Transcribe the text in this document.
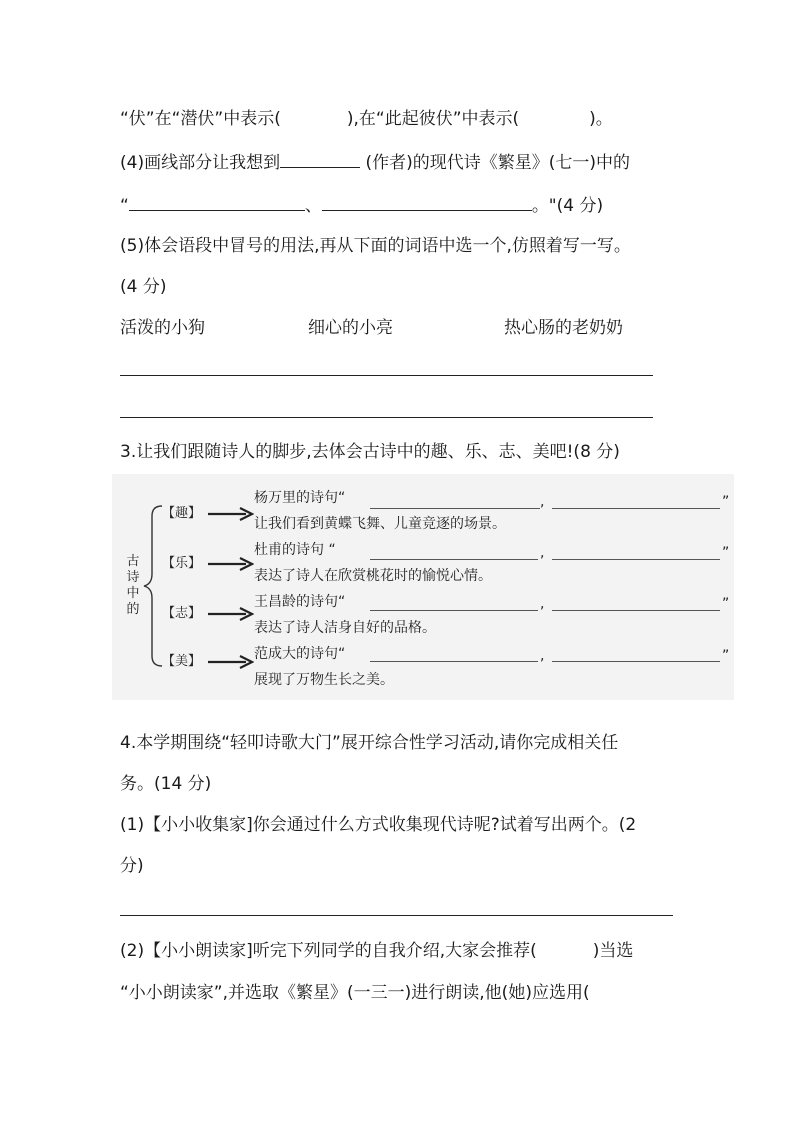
“伏”在“潜伏”中表示(	),在“此起彼伏”中表示(	)。
(4)画线部分让我想到	(作者)的现代诗《繁星》(七一)中的
“	、	。"(4 分)
(5)体会语段中冒号的用法,再从下面的词语中选一个,仿照着写一写。
(4 分)
活泼的小狗	细心的小亮	热心肠的老奶奶
3.让我们跟随诗人的脚步,去体会古诗中的趣、乐、志、美吧!(8 分)
古
诗
中
的
【趣】
杨万里的诗句“	,	”
让我们看到黄蝶飞舞、儿童竞逐的场景。
【乐】
杜甫的诗句 “	,	”
表达了诗人在欣赏桃花时的愉悦心情。
【志】
王昌龄的诗句“	,	”
表达了诗人洁身自好的品格。
【美】	范成大的诗句“	,	”
展现了万物生长之美。
4.本学期围绕“轻叩诗歌大门”展开综合性学习活动,请你完成相关任
务。(14 分)
(1)【小小收集家]你会通过什么方式收集现代诗呢?试着写出两个。(2
分)
(2)【小小朗读家]听完下列同学的自我介绍,大家会推荐(	)当选
“小小朗读家”,并选取《繁星》(一三一)进行朗读,他(她)应选用(
